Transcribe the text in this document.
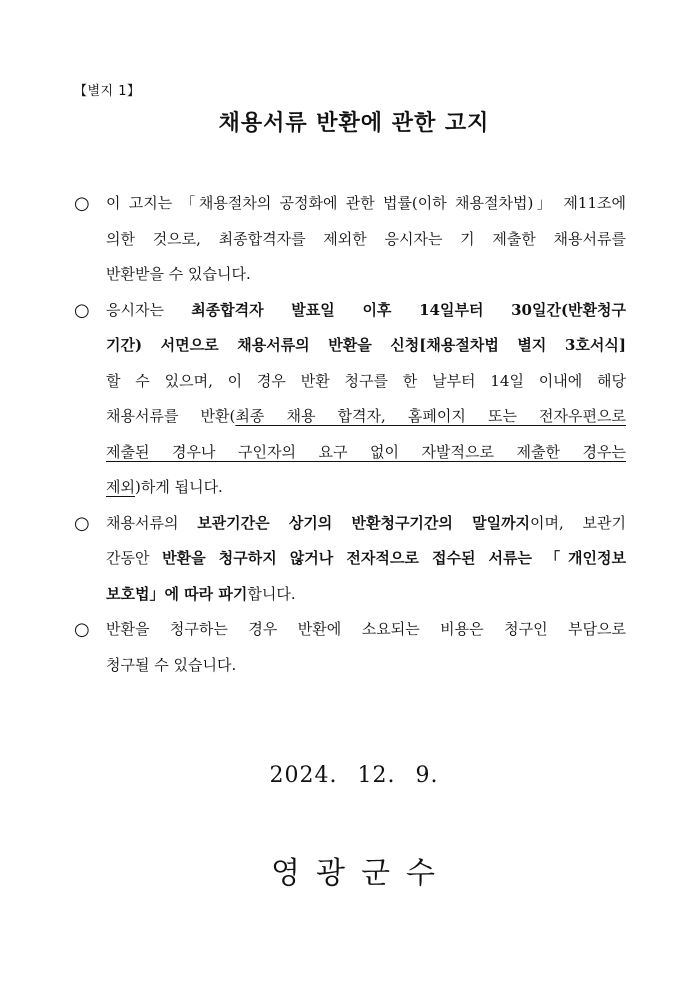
【별지 1】
채용서류 반환에 관한 고지
○ 이 고지는 「채용절차의 공정화에 관한 법률(이하 채용절차법)」 제11조에
의한 것으로, 최종합격자를 제외한 응시자는 기 제출한 채용서류를
반환받을 수 있습니다.
○ 응시자는 최종합격자 발표일 이후 14일부터 30일간(반환청구
기간) 서면으로 채용서류의 반환을 신청[채용절차법 별지 3호서식]
할 수 있으며, 이 경우 반환 청구를 한 날부터 14일 이내에 해당
채용서류를 반환(최종 채용 합격자, 홈페이지 또는 전자우편으로
제출된 경우나 구인자의 요구 없이 자발적으로 제출한 경우는
제외)하게 됩니다.
○ 채용서류의 보관기간은 상기의 반환청구기간의 말일까지이며, 보관기
간동안 반환을 청구하지 않거나 전자적으로 접수된 서류는 「개인정보
보호법」에 따라 파기합니다.
○ 반환을 청구하는 경우 반환에 소요되는 비용은 청구인 부담으로
청구될 수 있습니다.
2024. 12. 9.
영광군수
